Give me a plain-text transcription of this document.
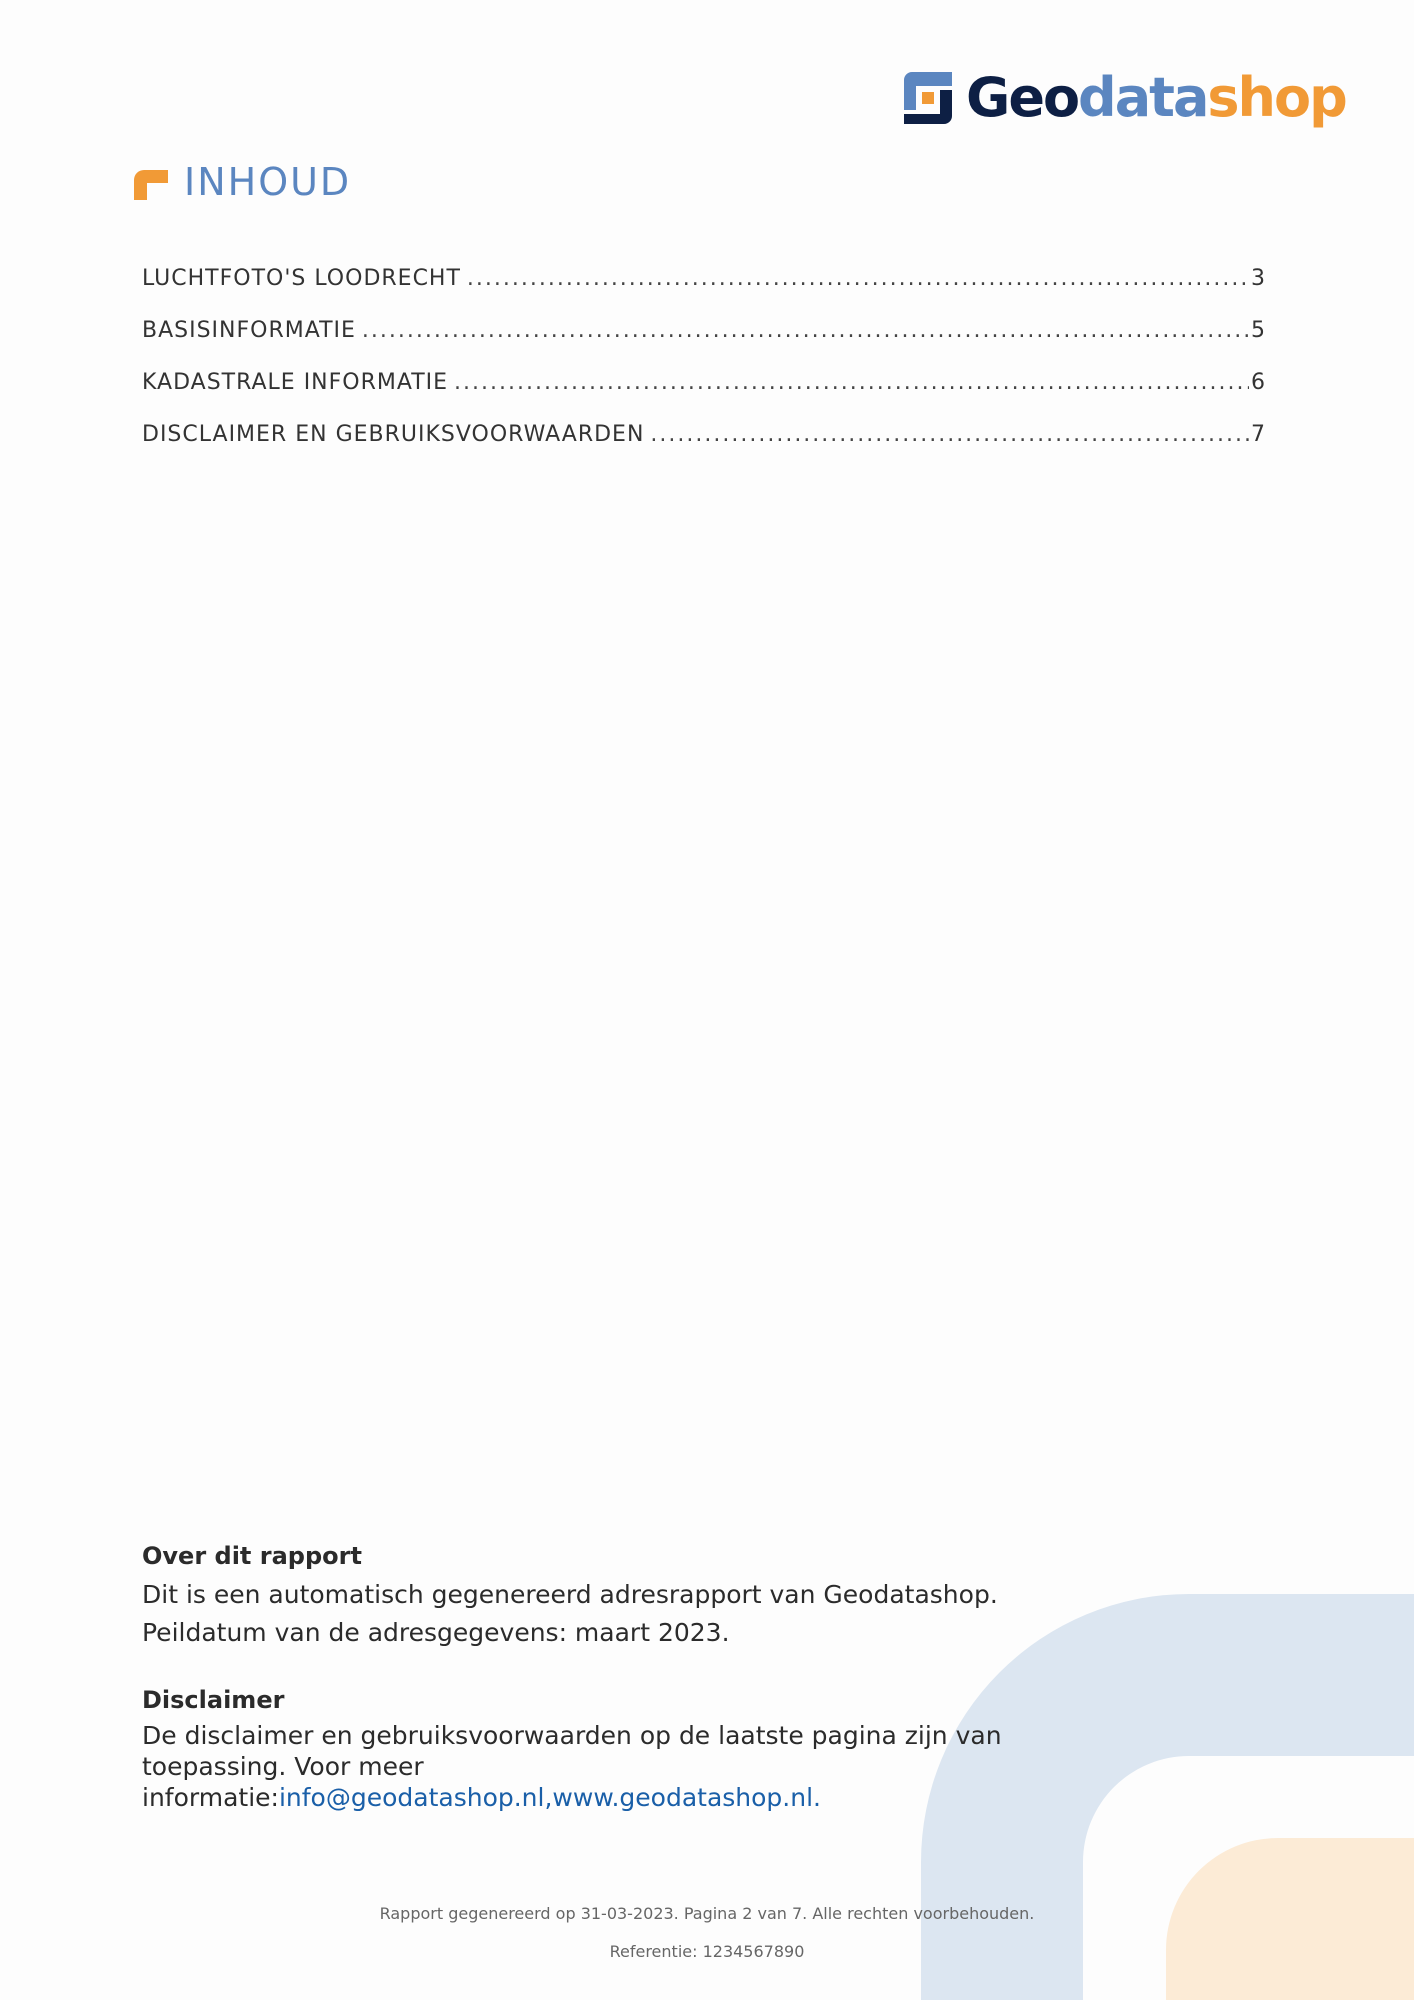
Geodatashop
INHOUD
LUCHTFOTO'S LOODRECHT .....	3
BASISINFORMATIE .....	5
KADASTRALE INFORMATIE .....	6
DISCLAIMER EN GEBRUIKSVOORWAARDEN .....	7
Over dit rapport

Dit is een automatisch gegenereerd adresrapport van Geodatashop.

Peildatum van de adresgegevens: maart 2023.

Disclaimer

De disclaimer en gebruiksvoorwaarden op de laatste pagina zijn van
toepassing. Voor meer informatie:info@geodatashop.nl,www.geodatashop.nl.

Rapport gegenereerd op 31-03-2023. Pagina 2 van 7. Alle rechten voorbehouden.
Referentie: 1234567890
